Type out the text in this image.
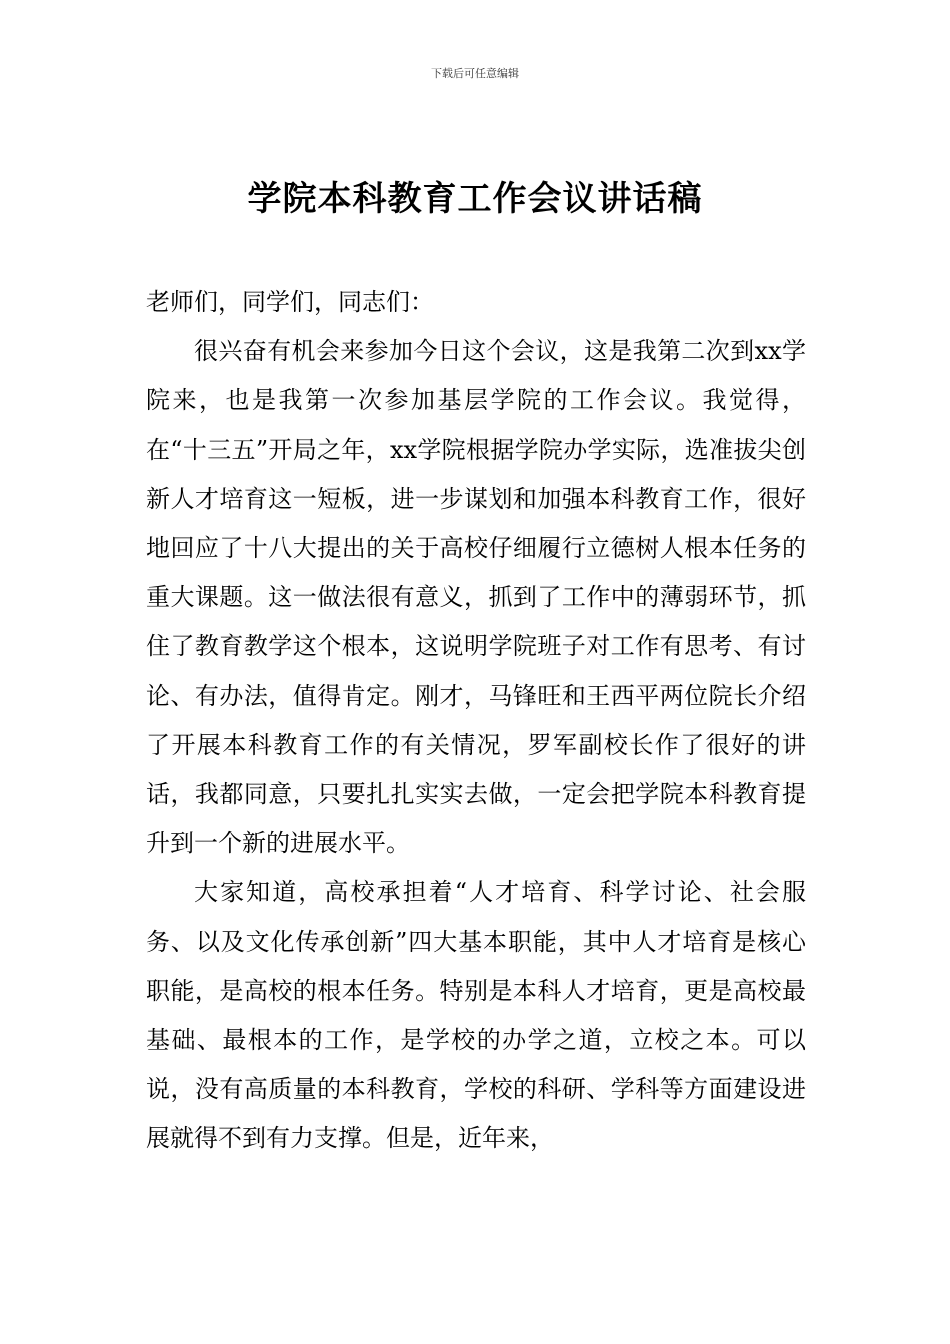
下载后可任意编辑
学院本科教育工作会议讲话稿

老师们，同学们，同志们：

很兴奋有机会来参加今日这个会议，这是我第二次到xx学院来，也是我第一次参加基层学院的工作会议。我觉得，在“十三五”开局之年，xx学院根据学院办学实际，选准拔尖创新人才培育这一短板，进一步谋划和加强本科教育工作，很好地回应了十八大提出的关于高校仔细履行立德树人根本任务的重大课题。这一做法很有意义，抓到了工作中的薄弱环节，抓住了教育教学这个根本，这说明学院班子对工作有思考、有讨论、有办法，值得肯定。刚才，马锋旺和王西平两位院长介绍了开展本科教育工作的有关情况，罗军副校长作了很好的讲话，我都同意，只要扎扎实实去做，一定会把学院本科教育提升到一个新的进展水平。

大家知道，高校承担着“人才培育、科学讨论、社会服务、以及文化传承创新”四大基本职能，其中人才培育是核心职能，是高校的根本任务。特别是本科人才培育，更是高校最基础、最根本的工作，是学校的办学之道，立校之本。可以说，没有高质量的本科教育，学校的科研、学科等方面建设进展就得不到有力支撑。但是，近年来，
